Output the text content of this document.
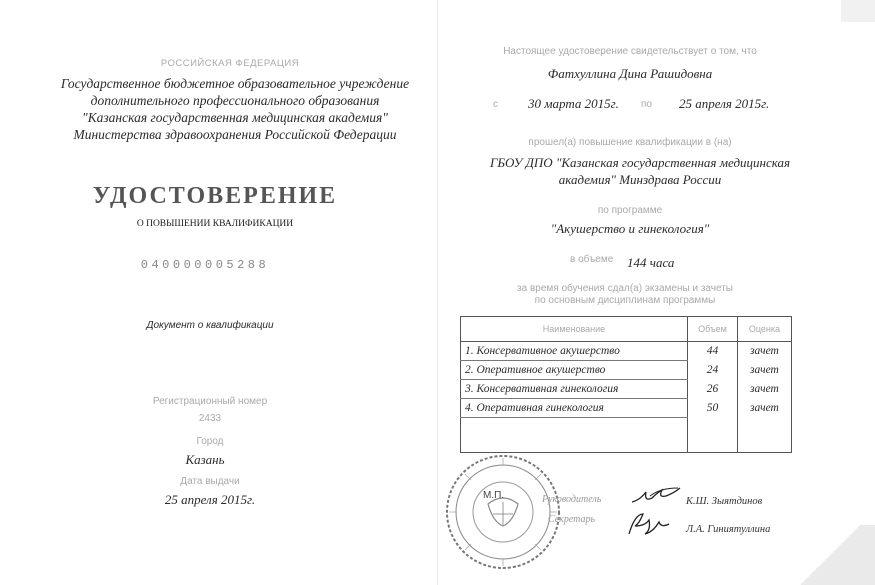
РОССИЙСКАЯ ФЕДЕРАЦИЯ
Государственное бюджетное образовательное учреждение
дополнительного профессионального образования
"Казанская государственная медицинская академия"
Министерства здравоохранения Российской Федерации
УДОСТОВЕРЕНИЕ
О ПОВЫШЕНИИ КВАЛИФИКАЦИИ
040000005288
Документ о квалификации
Регистрационный номер
2433
Город
Казань
Дата выдачи
25 апреля 2015г.
Настоящее удостоверение свидетельствует о том, что
Фатхуллина Дина Рашидовна
с 30 марта 2015г. по 25 апреля 2015г.
прошел(а) повышение квалификации в (на)
ГБОУ ДПО "Казанская государственная медицинская
академия" Минздрава России
по программе
"Акушерство и гинекология"
в объеме 144 часа
за время обучения сдал(а) экзамены и зачеты
по основным дисциплинам программы
Наименование	Объем	Оценка
1. Консервативное акушерство	44	зачет
2. Оперативное акушерство	24	зачет
3. Консервативная гинекология	26	зачет
4. Оперативная гинекология	50	зачет

М.П.	Руководитель
Секретарь
К.Ш. Зыятдинов
Л.А. Гиниятуллина
